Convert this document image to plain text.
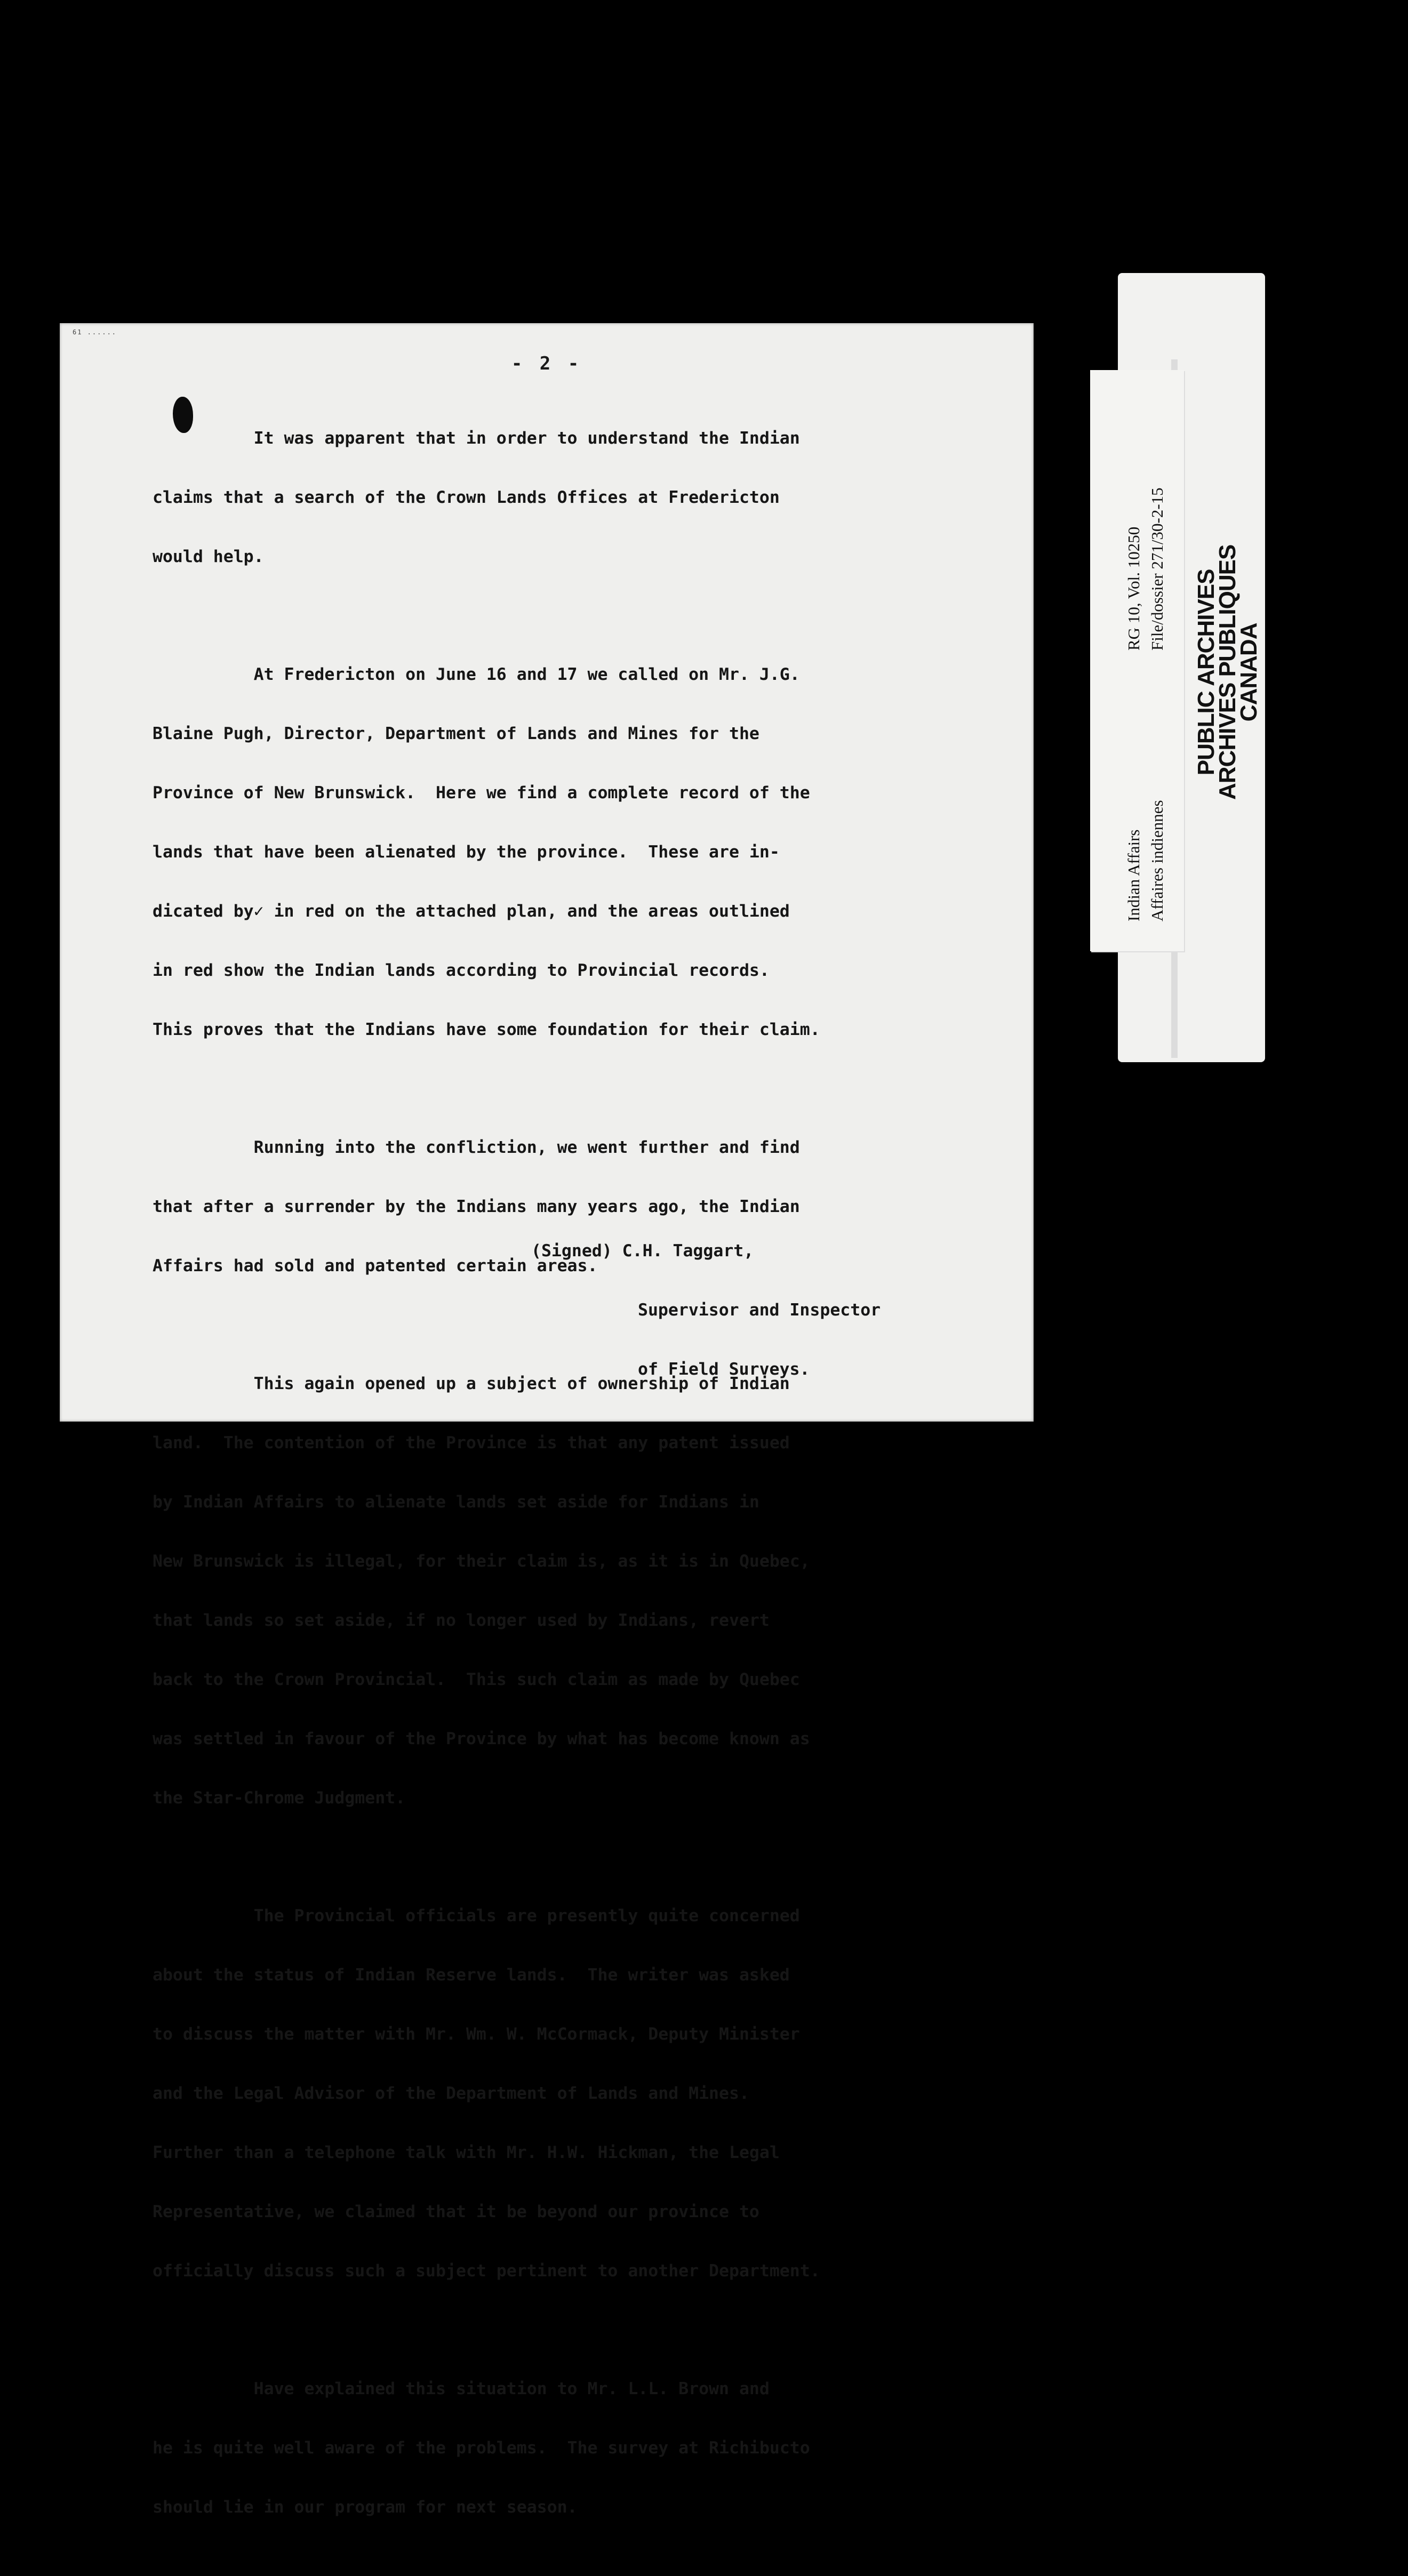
61 ......
- 2 -

It was apparent that in order to understand the Indian

claims that a search of the Crown Lands Offices at Fredericton

would help.

At Fredericton on June 16 and 17 we called on Mr. J.G.

Blaine Pugh, Director, Department of Lands and Mines for the

Province of New Brunswick.  Here we find a complete record of the

lands that have been alienated by the province.  These are in-

dicated by✓ in red on the attached plan, and the areas outlined

in red show the Indian lands according to Provincial records.

This proves that the Indians have some foundation for their claim.

Running into the confliction, we went further and find

that after a surrender by the Indians many years ago, the Indian

Affairs had sold and patented certain areas.

This again opened up a subject of ownership of Indian

land.  The contention of the Province is that any patent issued

by Indian Affairs to alienate lands set aside for Indians in

New Brunswick is illegal, for their claim is, as it is in Quebec,

that lands so set aside, if no longer used by Indians, revert

back to the Crown Provincial.  This such claim as made by Quebec

was settled in favour of the Province by what has become known as

the Star-Chrome Judgment.

The Provincial officials are presently quite concerned

about the status of Indian Reserve lands.  The writer was asked

to discuss the matter with Mr. Wm. W. McCormack, Deputy Minister

and the Legal Advisor of the Department of Lands and Mines.

Further than a telephone talk with Mr. H.W. Hickman, the Legal

Representative, we claimed that it be beyond our province to

officially discuss such a subject pertinent to another Department.

Have explained this situation to Mr. L.L. Brown and

he is quite well aware of the problems.  The survey at Richibucto

should lie in our program for next season.

(Signed) C.H. Taggart,

Supervisor and Inspector

of Field Surveys.

RG 10, Vol. 10250 File/dossier 271/30-2-15
Indian Affairs Affaires indiennes
PUBLIC ARCHIVES
ARCHIVES PUBLIQUES
CANADA
